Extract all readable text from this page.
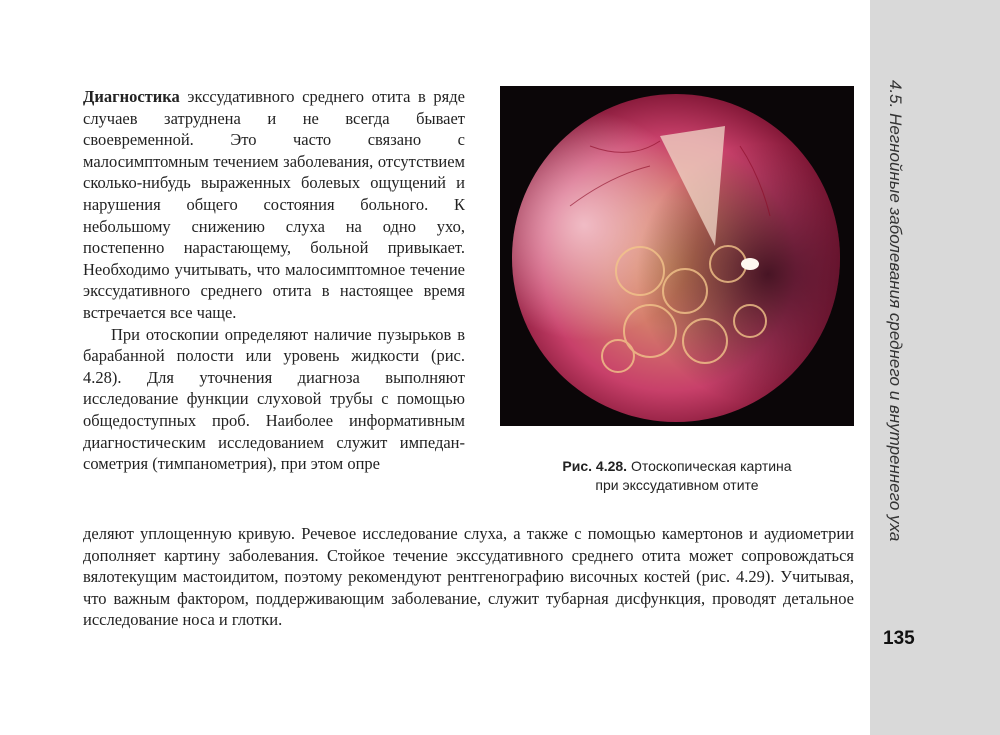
Диагностика экссудативного среднего отита в ряде случаев затруднена и не всегда бывает своевременной. Это часто связано с малосимптомным течением заболевания, отсутствием сколько-нибудь выраженных болевых ощущений и нарушения общего состояния больного. К небольшому снижению слуха на одно ухо, постепенно нарастающему, больной привыкает. Необходимо учитывать, что малосимптомное течение экссудативного среднего отита в настоящее время встречается все чаще.

При отоскопии определяют наличие пузырьков в барабанной полости или уровень жидкости (рис. 4.28). Для уточнения диагноза выполняют исследование функции слуховой трубы с помощью общедоступных проб. Наиболее информативным диагностическим исследованием служит импедансометрия (тимпанометрия), при этом опре

деляют уплощенную кривую. Речевое исследование слуха, а также с помощью камертонов и аудиометрии дополняет картину заболевания. Стойкое течение экссудативного среднего отита может сопровождаться вялотекущим мастоидитом, поэтому рекомендуют рентгенографию височных костей (рис. 4.29). Учитывая, что важным фактором, поддерживающим заболевание, служит тубарная дисфункция, проводят детальное исследование носа и глотки.

Рис. 4.28. Отоскопическая картина
при экссудативном отите	4.5. Негнойные заболевания среднего и внутреннего уха
135
